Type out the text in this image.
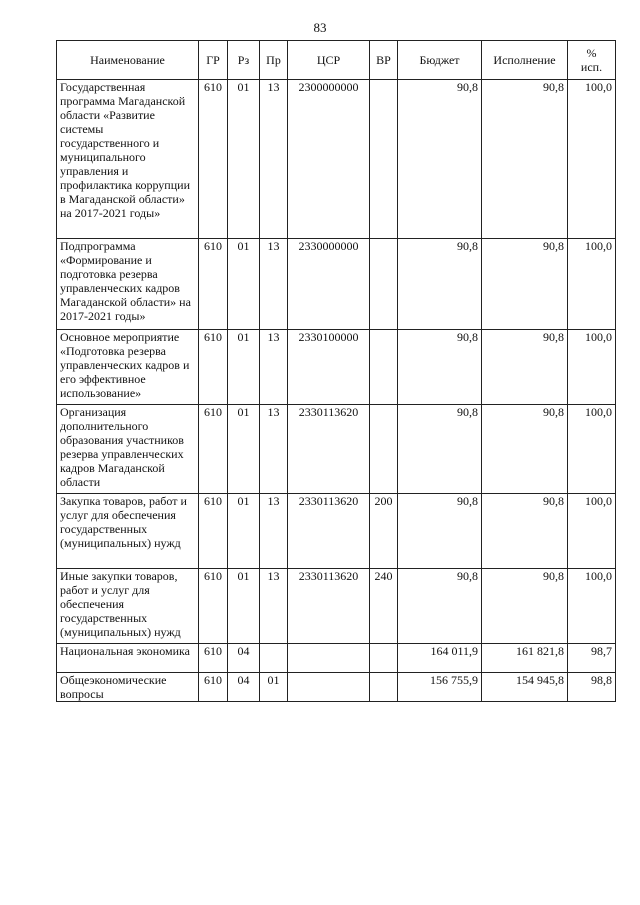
83
Наименование	ГР	Рз	Пр	ЦСР	ВР	Бюджет	Исполнение	%
исп.

Государственная программа Магаданской области «Развитие системы государственного и муниципального управления и профилактика коррупции в Магаданской области» на 2017-2021 годы»	610	01	13	2300000000		90,8	90,8	100,0
Подпрограмма «Формирование и подготовка резерва управленческих кадров Магаданской области» на 2017-2021 годы»	610	01	13	2330000000		90,8	90,8	100,0
Основное мероприятие «Подготовка резерва управленческих кадров и его эффективное использование»	610	01	13	2330100000		90,8	90,8	100,0
Организация дополнительного образования участников резерва управленческих кадров Магаданской области	610	01	13	2330113620		90,8	90,8	100,0
Закупка товаров, работ и услуг для обеспечения государственных (муниципальных) нужд	610	01	13	2330113620	200	90,8	90,8	100,0
Иные закупки товаров, работ и услуг для обеспечения государственных (муниципальных) нужд	610	01	13	2330113620	240	90,8	90,8	100,0
Национальная экономика	610	04				164 011,9	161 821,8	98,7
Общеэкономические вопросы	610	04	01			156 755,9	154 945,8	98,8
